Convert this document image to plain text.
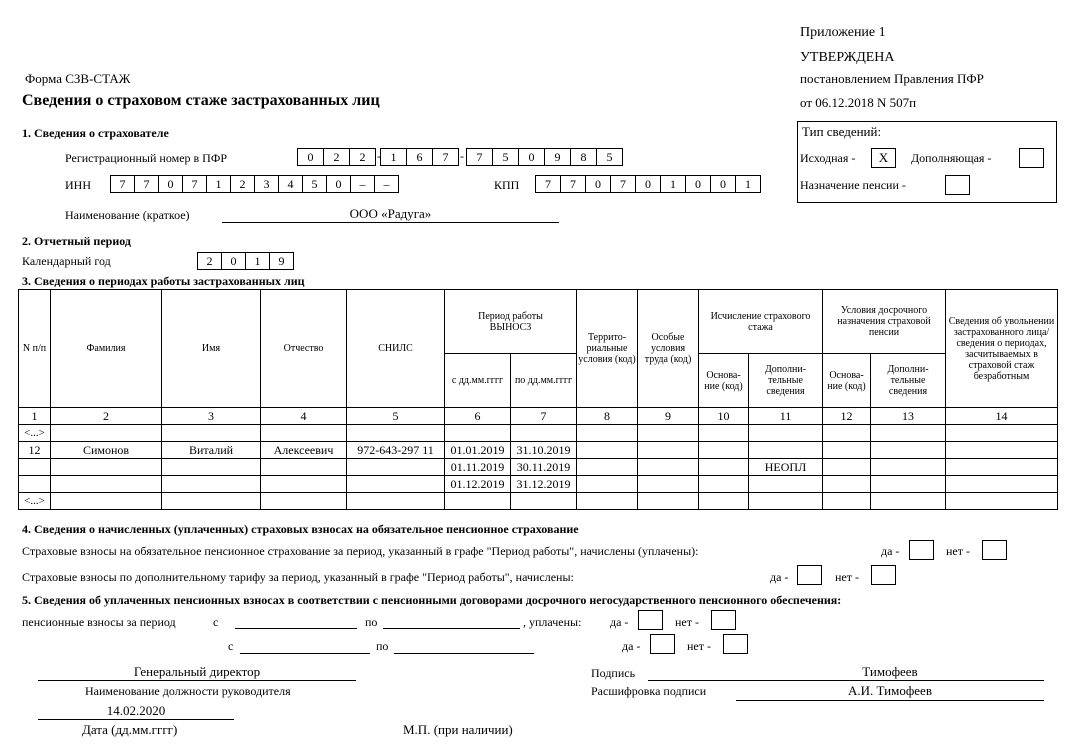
Приложение 1
УТВЕРЖДЕНА
постановлением Правления ПФР
от 06.12.2018 N 507п
Форма СЗВ-СТАЖ
Сведения о страховом стаже застрахованных лиц
Тип сведений:
Исходная -	X	Дополняющая -
Назначение пенсии -
1. Сведения о страхователе
Регистрационный номер в ПФР	0	2	2 - 1	6	7 -	7	5	0	9	8	5
ИНН	7	7	0	7	1	2	3	4	5	0	–	–	КПП	7	7	0	7	0	1	0	0	1
Наименование (краткое)	ООО «Радуга»
2. Отчетный период
Календарный год	2	0	1	9
3. Сведения о периодах работы застрахованных лиц
N п/п	Фамилия	Имя	Отчество	СНИЛС	Период работы ВЫНОС3		Террито-риальные условия (код)	Особые условия труда (код)	Исчисление страхового стажа		Условия досрочного назначения страховой пенсии		Сведения об увольнении застрахованного лица/сведения о периодах, засчитываемых в страховой стаж безработным
					с дд.мм.гггг	по дд.мм.гггг			Основа-ние (код)	Дополни-тельные сведения	Основа-ние (код)	Дополни-тельные сведения	
1	2	3	4	5	6	7	8	9	10	11	12	13	14
<...>													
12	Симонов	Виталий	Алексеевич	972-643-297 11	01.01.2019	31.10.2019							
					01.11.2019	30.11.2019				НЕОПЛ			
					01.12.2019	31.12.2019							
<...>													
4. Сведения о начисленных (уплаченных) страховых взносах на обязательное пенсионное страхование
Страховые взносы на обязательное пенсионное страхование за период, указанный в графе "Период работы", начислены (уплачены):	да -	нет -
Страховые взносы по дополнительному тарифу за период, указанный в графе "Период работы", начислены:	да -	нет -
5. Сведения об уплаченных пенсионных взносах в соответствии с пенсионными договорами досрочного негосударственного пенсионного обеспечения:
пенсионные взносы за период	с	по	, уплачены: да -	нет -
с	по	да -	нет -
Генеральный директор
Наименование должности руководителя
Подпись	Тимофеев
Расшифровка подписи	А.И. Тимофеев
14.02.2020
Дата (дд.мм.гггг)	М.П. (при наличии)
